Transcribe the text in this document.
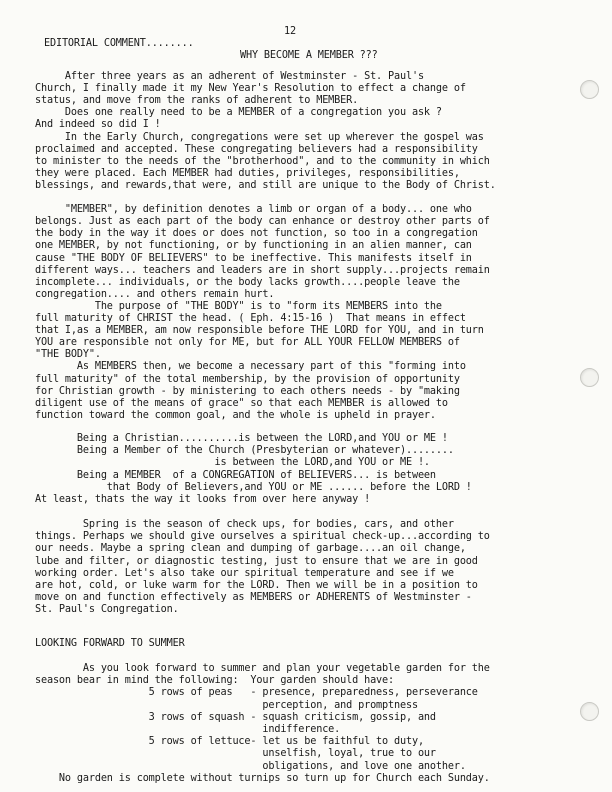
12
EDITORIAL COMMENT........
WHY BECOME A MEMBER ???
After three years as an adherent of Westminster - St. Paul's
Church, I finally made it my New Year's Resolution to effect a change of
status, and move from the ranks of adherent to MEMBER.
Does one really need to be a MEMBER of a congregation you ask ?
And indeed so did I !
In the Early Church, congregations were set up wherever the gospel was
proclaimed and accepted. These congregating believers had a responsibility
to minister to the needs of the "brotherhood", and to the community in which
they were placed. Each MEMBER had duties, privileges, responsibilities,
blessings, and rewards,that were, and still are unique to the Body of Christ.
"MEMBER", by definition denotes a limb or organ of a body... one who
belongs. Just as each part of the body can enhance or destroy other parts of
the body in the way it does or does not function, so too in a congregation
one MEMBER, by not functioning, or by functioning in an alien manner, can
cause "THE BODY OF BELIEVERS" to be ineffective. This manifests itself in
different ways... teachers and leaders are in short supply...projects remain
incomplete... individuals, or the body lacks growth....people leave the
congregation.... and others remain hurt.
The purpose of "THE BODY" is to "form its MEMBERS into the
full maturity of CHRIST the head. ( Eph. 4:15-16 )  That means in effect
that I,as a MEMBER, am now responsible before THE LORD for YOU, and in turn
YOU are responsible not only for ME, but for ALL YOUR FELLOW MEMBERS of
"THE BODY".
As MEMBERS then, we become a necessary part of this "forming into
full maturity" of the total membership, by the provision of opportunity
for Christian growth - by ministering to each others needs - by "making
diligent use of the means of grace" so that each MEMBER is allowed to
function toward the common goal, and the whole is upheld in prayer.
Being a Christian..........is between the LORD,and YOU or ME !
Being a Member of the Church (Presbyterian or whatever)........
is between the LORD,and YOU or ME !.
Being a MEMBER  of a CONGREGATION of BELIEVERS... is between
that Body of Believers,and YOU or ME ...... before the LORD !
At least, thats the way it looks from over here anyway !
Spring is the season of check ups, for bodies, cars, and other
things. Perhaps we should give ourselves a spiritual check-up...according to
our needs. Maybe a spring clean and dumping of garbage....an oil change,
lube and filter, or diagnostic testing, just to ensure that we are in good
working order. Let's also take our spiritual temperature and see if we
are hot, cold, or luke warm for the LORD. Then we will be in a position to
move on and function effectively as MEMBERS or ADHERENTS of Westminster -
St. Paul's Congregation.
LOOKING FORWARD TO SUMMER
As you look forward to summer and plan your vegetable garden for the
season bear in mind the following:  Your garden should have:
5 rows of peas   - presence, preparedness, perseverance
perception, and promptness
3 rows of squash - squash criticism, gossip, and
indifference.
5 rows of lettuce- let us be faithful to duty,
unselfish, loyal, true to our
obligations, and love one another.
No garden is complete without turnips so turn up for Church each Sunday.
